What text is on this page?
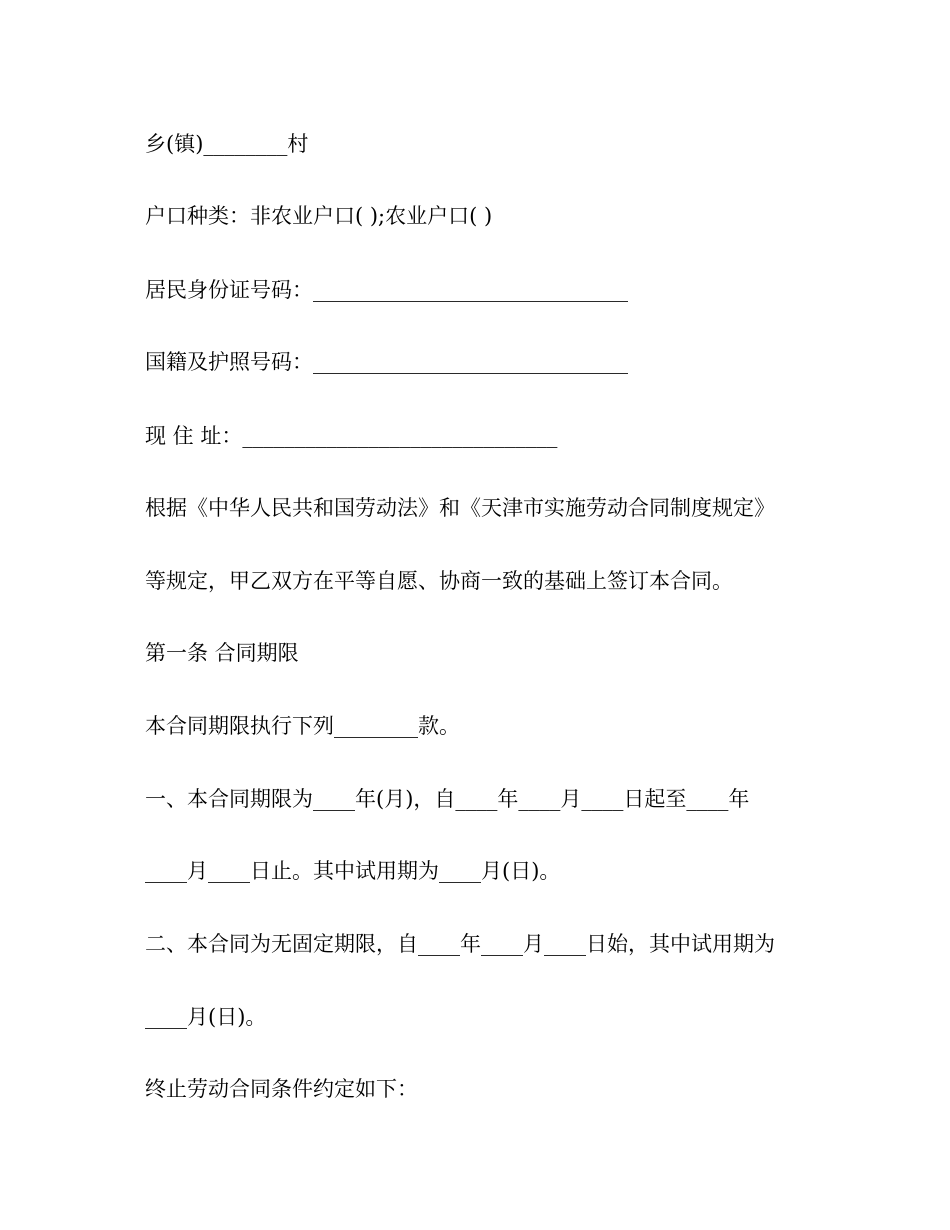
乡(镇)________村
户口种类：非农业户口( );农业户口( )
居民身份证号码：______________________________
国籍及护照号码：______________________________
现 住 址：______________________________
根据《中华人民共和国劳动法》和《天津市实施劳动合同制度规定》
等规定，甲乙双方在平等自愿、协商一致的基础上签订本合同。
第一条 合同期限
本合同期限执行下列________款。
一、本合同期限为____年(月)，自____年____月____日起至____年
____月____日止。其中试用期为____月(日)。
二、本合同为无固定期限，自____年____月____日始，其中试用期为
____月(日)。
终止劳动合同条件约定如下：
